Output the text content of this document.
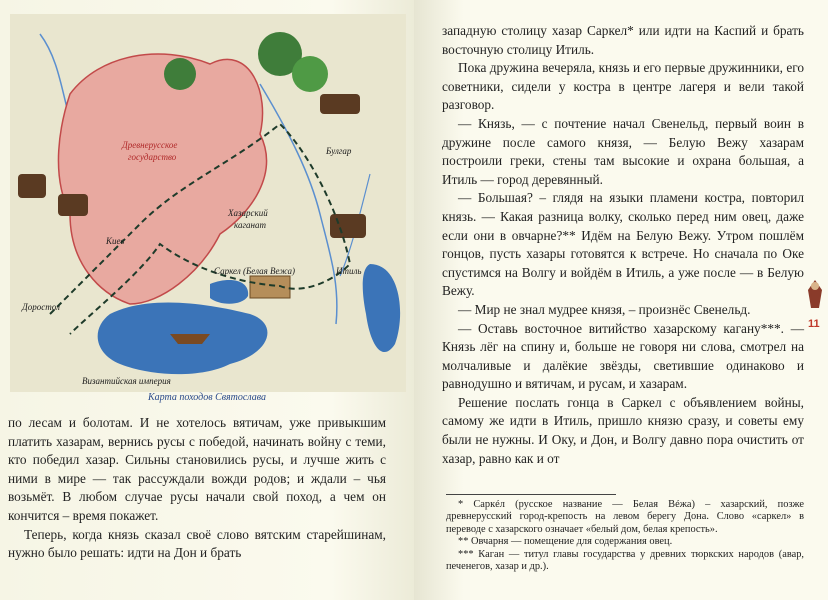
Древнерусское
государство
Хазарский
каганат
Булгар
Киев
Саркел (Белая Вежа)	Итиль
Доростол
Византийская империя
Карта походов Святослава

по лесам и болотам. И не хотелось вятичам, уже привыкшим платить хазарам, вернись русы с победой, начинать войну с теми, кто победил хазар. Сильны становились русы, и лучше жить с ними в мире — так рассуждали вожди родов; и ждали – чья возьмёт. В любом случае русы начали свой поход, а чем он кончится – время покажет.

Теперь, когда князь сказал своё слово вятским старейшинам, нужно было решать: идти на Дон и брать

западную столицу хазар Саркел* или идти на Каспий и брать восточную столицу Итиль.

Пока дружина вечеряла, князь и его первые дружинники, его советники, сидели у костра в центре лагеря и вели такой разговор.

— Князь, — с почтение начал Свенельд, первый воин в дружине после самого князя, — Белую Вежу хазарам построили греки, стены там высокие и охрана большая, а Итиль — город деревянный.

— Большая? – глядя на языки пламени костра, повторил князь. — Какая разница волку, сколько перед ним овец, даже если они в овчарне?** Идём на Белую Вежу. Утром пошлём гонцов, пусть хазары готовятся к встрече. Но сначала по Оке спустимся на Волгу и войдём в Итиль, а уже после — в Белую Вежу.

— Мир не знал мудрее князя, – произнёс Свенельд.

— Оставь восточное витийство хазарскому кагану***. — Князь лёг на спину и, больше не говоря ни слова, смотрел на молчаливые и далёкие звёзды, светившие одинаково и равнодушно и вятичам, и русам, и хазарам.

Решение послать гонца в Саркел с объявлением войны, самому же идти в Итиль, пришло князю сразу, и советы ему были не нужны. И Оку, и Дон, и Волгу давно пора очистить от хазар, равно как и от

* Саркéл (русское название — Белая Вéжа) – хазарский, позже древнерусский город-крепость на левом берегу Дона. Слово «саркел» в переводе с хазарского означает «белый дом, белая крепость».

** Овчарня — помещение для содержания овец.

*** Каган — титул главы государства у древних тюркских народов (авар, печенегов, хазар и др.).

11
